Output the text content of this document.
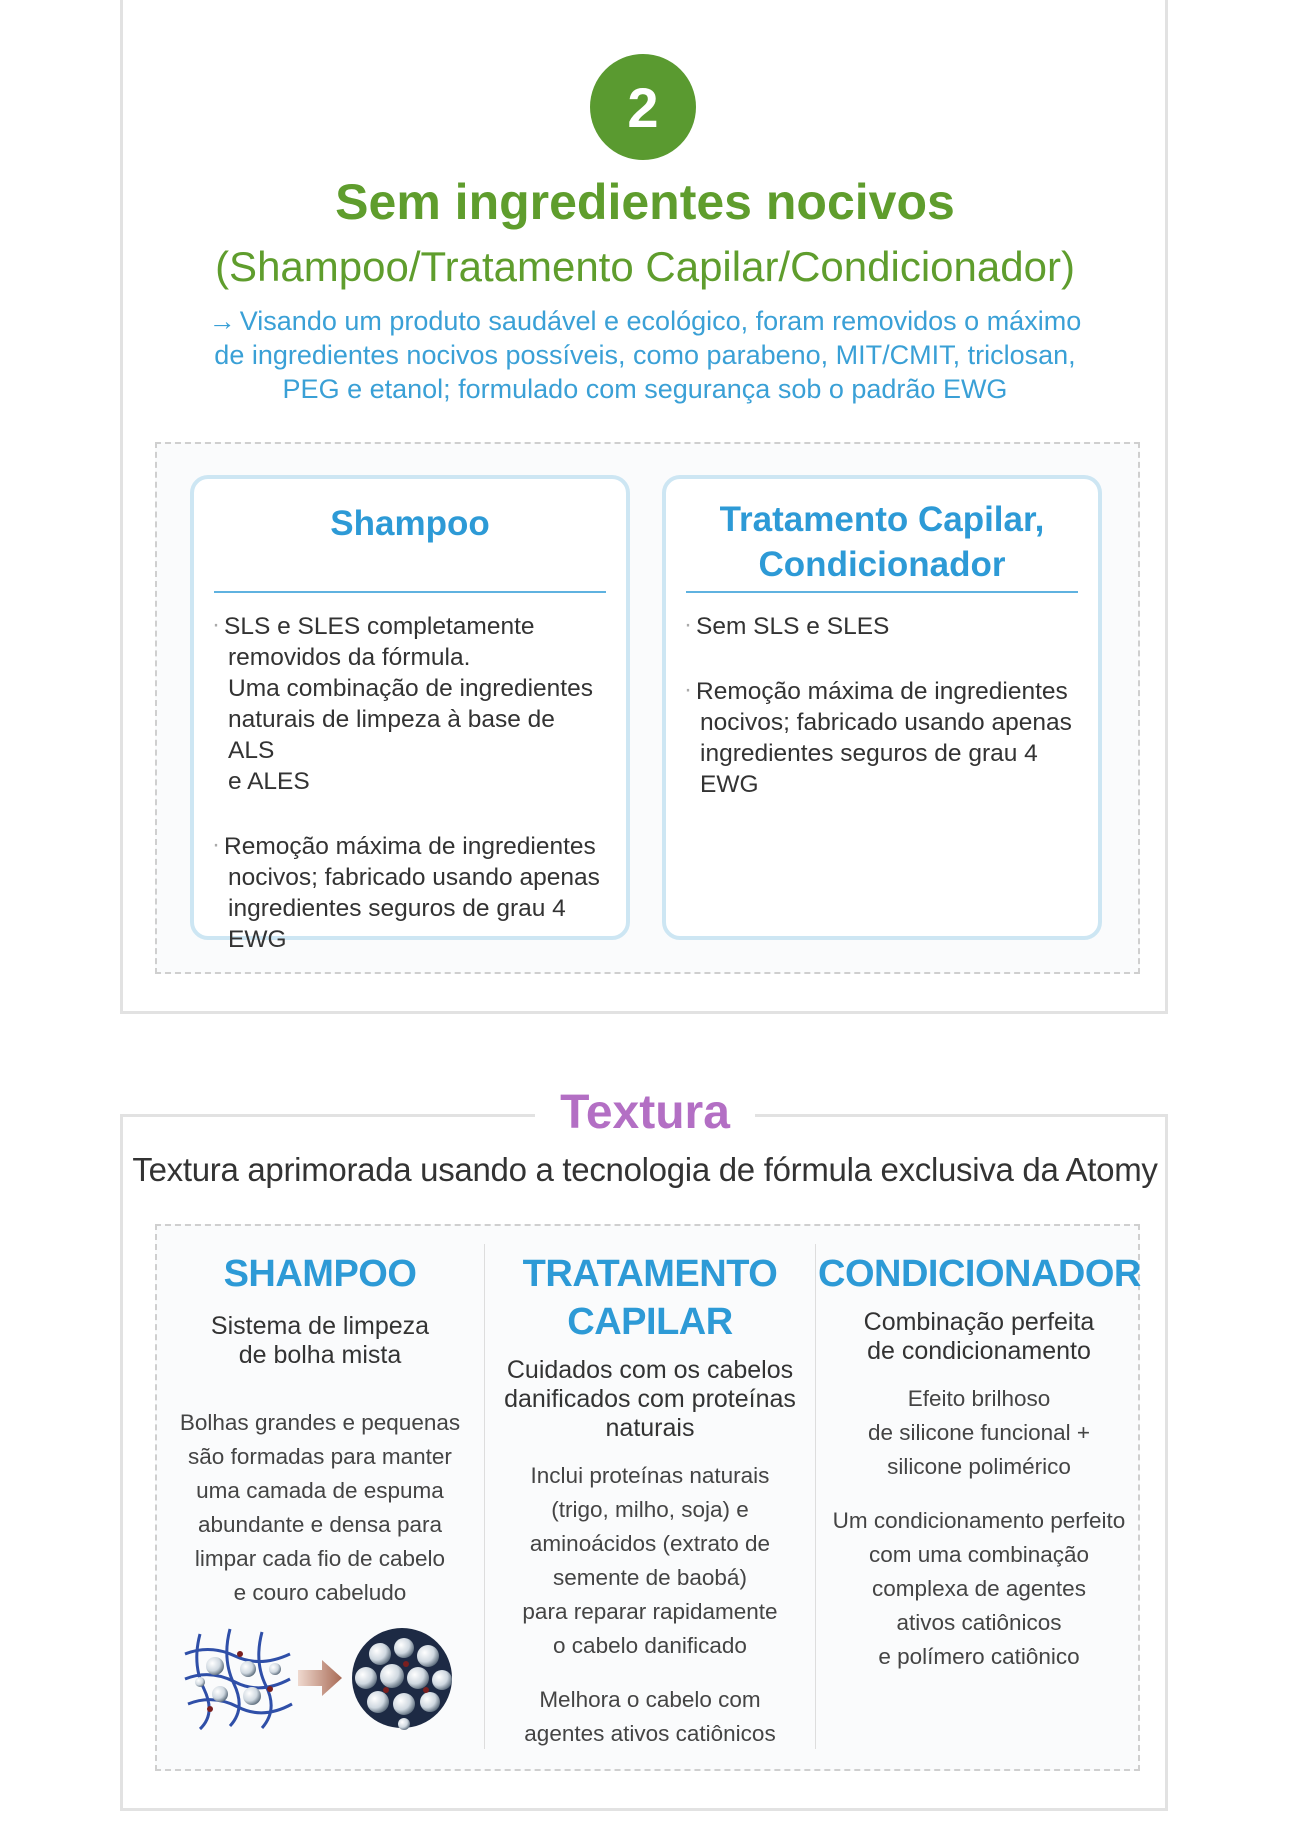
2
Sem ingredientes nocivos
(Shampoo/Tratamento Capilar/Condicionador)
→ Visando um produto saudável e ecológico, foram removidos o máximo
de ingredientes nocivos possíveis, como parabeno, MIT/CMIT, triclosan,
PEG e etanol; formulado com segurança sob o padrão EWG
Shampoo
· SLS e SLES completamente
removidos da fórmula.
Uma combinação de ingredientes
naturais de limpeza à base de ALS
e ALES
· Remoção máxima de ingredientes
nocivos; fabricado usando apenas
ingredientes seguros de grau 4
EWG
Tratamento Capilar,
Condicionador
· Sem SLS e SLES
· Remoção máxima de ingredientes
nocivos; fabricado usando apenas
ingredientes seguros de grau 4
EWG
Textura
Textura aprimorada usando a tecnologia de fórmula exclusiva da Atomy
SHAMPOO
Sistema de limpeza
de bolha mista
Bolhas grandes e pequenas
são formadas para manter
uma camada de espuma
abundante e densa para
limpar cada fio de cabelo
e couro cabeludo
TRATAMENTO
CAPILAR
Cuidados com os cabelos
danificados com proteínas
naturais
Inclui proteínas naturais
(trigo, milho, soja) e
aminoácidos (extrato de
semente de baobá)
para reparar rapidamente
o cabelo danificado
Melhora o cabelo com
agentes ativos catiônicos
CONDICIONADOR
Combinação perfeita
de condicionamento
Efeito brilhoso
de silicone funcional +
silicone polimérico
Um condicionamento perfeito
com uma combinação
complexa de agentes
ativos catiônicos
e polímero catiônico
